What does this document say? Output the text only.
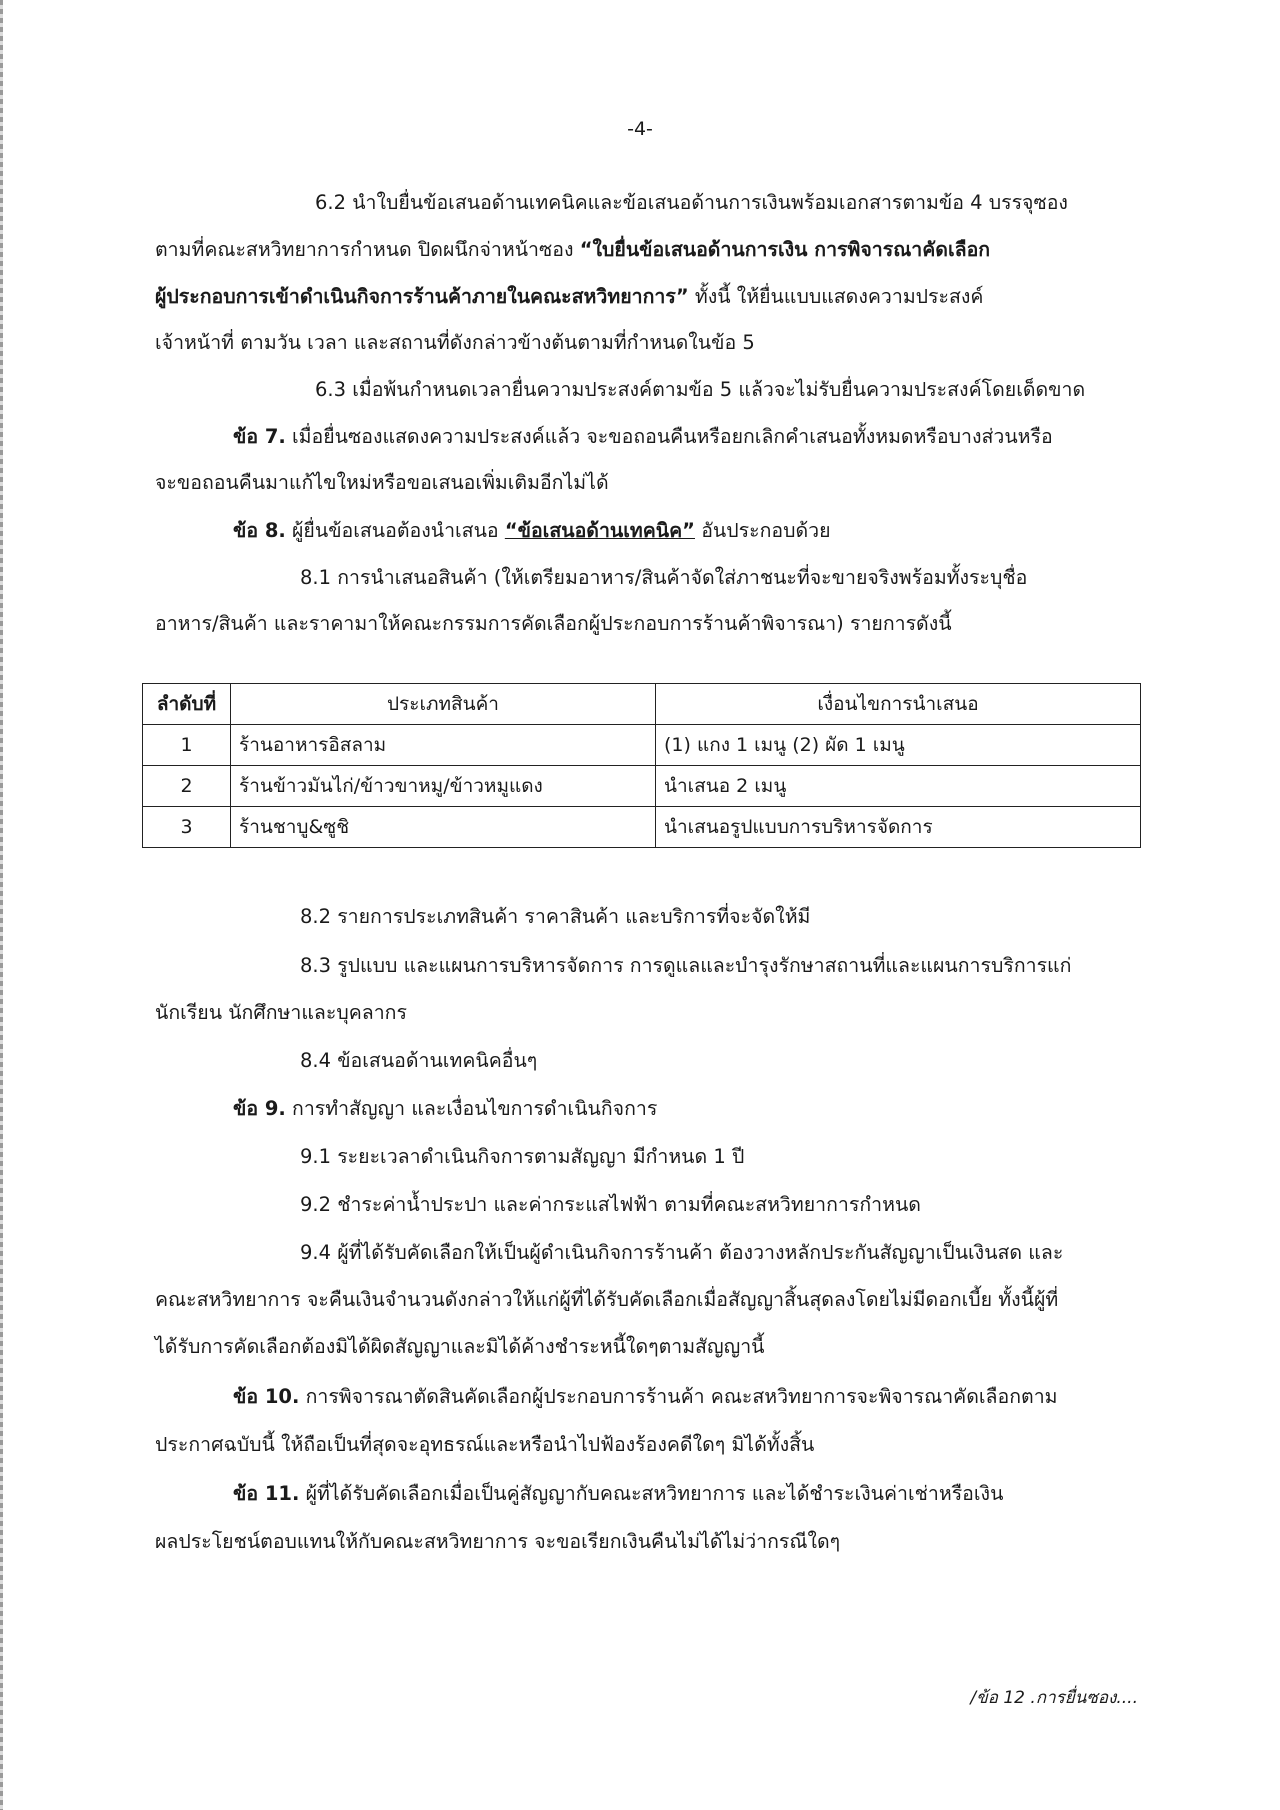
-4-
6.2 นำใบยื่นข้อเสนอด้านเทคนิคและข้อเสนอด้านการเงินพร้อมเอกสารตามข้อ 4 บรรจุซอง
ตามที่คณะสหวิทยาการกำหนด ปิดผนึกจ่าหน้าซอง “ใบยื่นข้อเสนอด้านการเงิน การพิจารณาคัดเลือก
ผู้ประกอบการเข้าดำเนินกิจการร้านค้าภายในคณะสหวิทยาการ” ทั้งนี้ ให้ยื่นแบบแสดงความประสงค์
เจ้าหน้าที่ ตามวัน เวลา และสถานที่ดังกล่าวข้างต้นตามที่กำหนดในข้อ 5
6.3 เมื่อพ้นกำหนดเวลายื่นความประสงค์ตามข้อ 5 แล้วจะไม่รับยื่นความประสงค์โดยเด็ดขาด
ข้อ 7. เมื่อยื่นซองแสดงความประสงค์แล้ว จะขอถอนคืนหรือยกเลิกคำเสนอทั้งหมดหรือบางส่วนหรือ
จะขอถอนคืนมาแก้ไขใหม่หรือขอเสนอเพิ่มเติมอีกไม่ได้
ข้อ 8. ผู้ยื่นข้อเสนอต้องนำเสนอ “ข้อเสนอด้านเทคนิค” อันประกอบด้วย
8.1 การนำเสนอสินค้า (ให้เตรียมอาหาร/สินค้าจัดใส่ภาชนะที่จะขายจริงพร้อมทั้งระบุชื่อ
อาหาร/สินค้า และราคามาให้คณะกรรมการคัดเลือกผู้ประกอบการร้านค้าพิจารณา) รายการดังนี้
ลำดับที่	ประเภทสินค้า	เงื่อนไขการนำเสนอ
1	ร้านอาหารอิสลาม	(1) แกง 1 เมนู (2) ผัด 1 เมนู
2	ร้านข้าวมันไก่/ข้าวขาหมู/ข้าวหมูแดง	นำเสนอ 2 เมนู
3	ร้านชาบู&ซูชิ	นำเสนอรูปแบบการบริหารจัดการ
8.2 รายการประเภทสินค้า ราคาสินค้า และบริการที่จะจัดให้มี
8.3 รูปแบบ และแผนการบริหารจัดการ การดูแลและบำรุงรักษาสถานที่และแผนการบริการแก่
นักเรียน นักศึกษาและบุคลากร
8.4 ข้อเสนอด้านเทคนิคอื่นๆ
ข้อ 9. การทำสัญญา และเงื่อนไขการดำเนินกิจการ
9.1 ระยะเวลาดำเนินกิจการตามสัญญา มีกำหนด 1 ปี
9.2 ชำระค่าน้ำประปา และค่ากระแสไฟฟ้า ตามที่คณะสหวิทยาการกำหนด
9.4 ผู้ที่ได้รับคัดเลือกให้เป็นผู้ดำเนินกิจการร้านค้า ต้องวางหลักประกันสัญญาเป็นเงินสด และ
คณะสหวิทยาการ จะคืนเงินจำนวนดังกล่าวให้แก่ผู้ที่ได้รับคัดเลือกเมื่อสัญญาสิ้นสุดลงโดยไม่มีดอกเบี้ย ทั้งนี้ผู้ที่
ได้รับการคัดเลือกต้องมิได้ผิดสัญญาและมิได้ค้างชำระหนี้ใดๆตามสัญญานี้
ข้อ 10. การพิจารณาตัดสินคัดเลือกผู้ประกอบการร้านค้า คณะสหวิทยาการจะพิจารณาคัดเลือกตาม
ประกาศฉบับนี้ ให้ถือเป็นที่สุดจะอุทธรณ์และหรือนำไปฟ้องร้องคดีใดๆ มิได้ทั้งสิ้น
ข้อ 11. ผู้ที่ได้รับคัดเลือกเมื่อเป็นคู่สัญญากับคณะสหวิทยาการ และได้ชำระเงินค่าเช่าหรือเงิน
ผลประโยชน์ตอบแทนให้กับคณะสหวิทยาการ จะขอเรียกเงินคืนไม่ได้ไม่ว่ากรณีใดๆ
/ข้อ 12 .การยื่นซอง....
